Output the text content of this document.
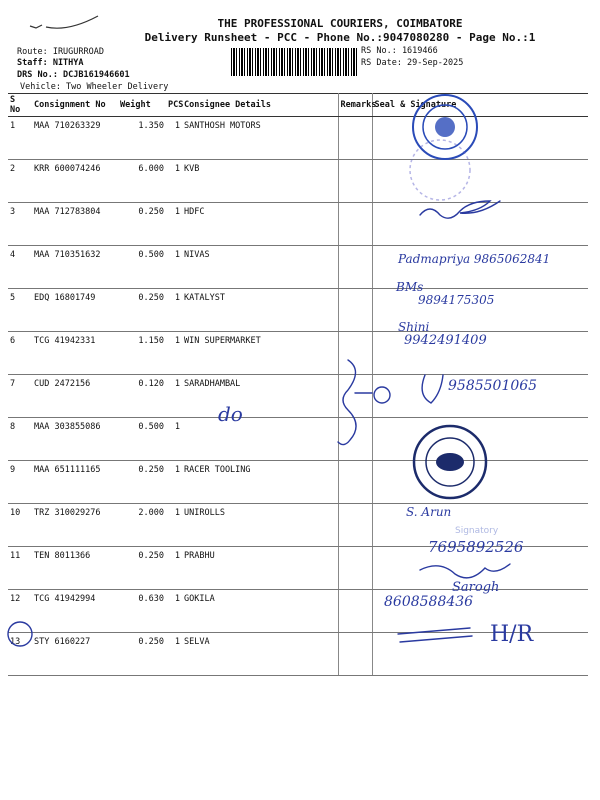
THE PROFESSIONAL COURIERS, COIMBATORE
Delivery Runsheet - PCC - Phone No.:9047080280 - Page No.:1
Route: IRUGURROAD
Staff: NITHYA
DRS No.: DCJB161946601
Vehicle: Two Wheeler Delivery
RS No.: 1619466
RS Date: 29-Sep-2025
S No	Consignment No	Weight	PCS	Consignee Details	Remarks	Seal & Signature
1	MAA 710263329	1.350	1	SANTHOSH MOTORS		
2	KRR 600074246	6.000	1	KVB		
3	MAA 712783804	0.250	1	HDFC		
4	MAA 710351632	0.500	1	NIVAS		
5	EDQ 16801749	0.250	1	KATALYST		
6	TCG 41942331	1.150	1	WIN SUPERMARKET		
7	CUD 2472156	0.120	1	SARADHAMBAL		
8	MAA 303855086	0.500	1			
9	MAA 651111165	0.250	1	RACER TOOLING		
10	TRZ 310029276	2.000	1	UNIROLLS		
11	TEN 8011366	0.250	1	PRABHU		
12	TCG 41942994	0.630	1	GOKILA		
13	STY 6160227	0.250	1	SELVA		
Signatory
Padmapriya 9865062841
BMs
9894175305
Shini
9942491409
9585501065
do
S. Arun
7695892526
Sarogh
8608588436
H/R
